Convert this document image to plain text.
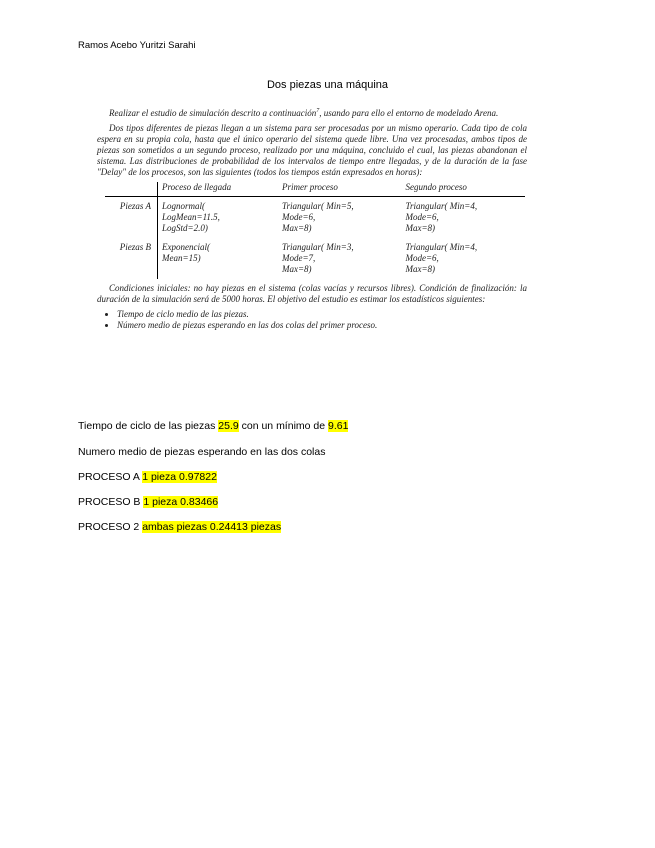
Ramos Acebo Yuritzi Sarahi
Dos piezas una máquina

Realizar el estudio de simulación descrito a continuación$^7$, usando para ello el entorno de modelado Arena.

Dos tipos diferentes de piezas llegan a un sistema para ser procesadas por un mismo operario. Cada tipo de cola espera en su propia cola, hasta que el único operario del sistema quede libre. Una vez procesadas, ambos tipos de piezas son sometidos a un segundo proceso, realizado por una máquina, concluido el cual, las piezas abandonan el sistema. Las distribuciones de probabilidad de los intervalos de tiempo entre llegadas, y de la duración de la fase "Delay" de los procesos, son las siguientes (todos los tiempos están expresados en horas):

	Proceso de llegada	Primer proceso	Segundo proceso
Piezas A	Lognormal(
LogMean=11.5,
LogStd=2.0)	Triangular( Min=5,
Mode=6,
Max=8)	Triangular( Min=4,
Mode=6,
Max=8)
Piezas B	Exponencial(
Mean=15)	Triangular( Min=3,
Mode=7,
Max=8)	Triangular( Min=4,
Mode=6,
Max=8)

Condiciones iniciales: no hay piezas en el sistema (colas vacías y recursos libres). Condición de finalización: la duración de la simulación será de 5000 horas. El objetivo del estudio es estimar los estadísticos siguientes:

• Tiempo de ciclo medio de las piezas.
• Número medio de piezas esperando en las dos colas del primer proceso.
Tiempo de ciclo de las piezas 25.9 con un mínimo de 9.61
Numero medio de piezas esperando en las dos colas
PROCESO A 1 pieza 0.97822
PROCESO B 1 pieza 0.83466
PROCESO 2 ambas piezas 0.24413 piezas
